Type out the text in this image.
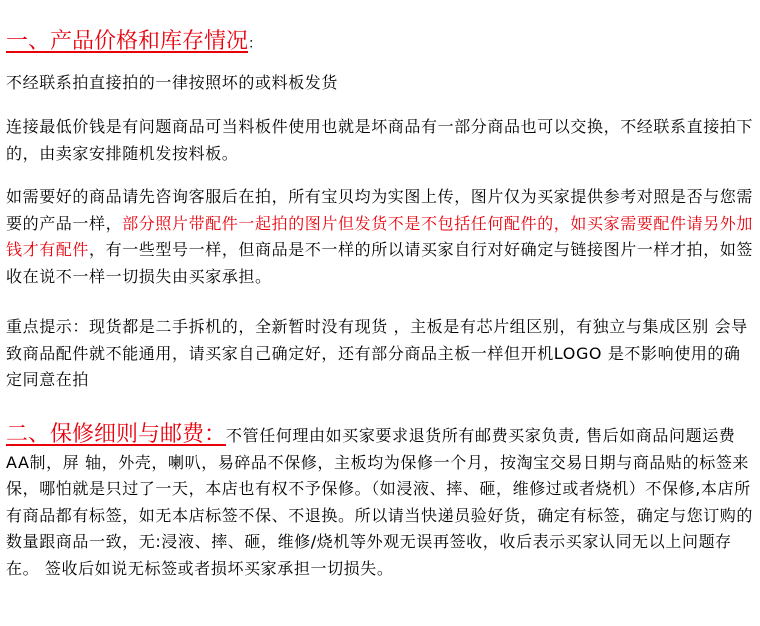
一、产品价格和库存情况：
不经联系拍直接拍的一律按照坏的或料板发货
连接最低价钱是有问题商品可当料板件使用也就是坏商品有一部分商品也可以交换，不经联系直接拍下的，由卖家安排随机发按料板。
如需要好的商品请先咨询客服后在拍，所有宝贝均为实图上传，图片仅为买家提供参考对照是否与您需要的产品一样，部分照片带配件一起拍的图片但发货不是不包括任何配件的，如买家需要配件请另外加钱才有配件，有一些型号一样，但商品是不一样的所以请买家自行对好确定与链接图片一样才拍，如签收在说不一样一切损失由买家承担。
重点提示：现货都是二手拆机的，全新暂时没有现货 ，主板是有芯片组区别，有独立与集成区别 会导致商品配件就不能通用，请买家自己确定好，还有部分商品主板一样但开机LOGO 是不影响使用的确定同意在拍
二、保修细则与邮费：不管任何理由如买家要求退货所有邮费买家负责, 售后如商品问题运费AA制，屏 轴，外壳，喇叭，易碎品不保修，主板均为保修一个月，按淘宝交易日期与商品贴的标签来保，哪怕就是只过了一天，本店也有权不予保修。（如浸液、摔、砸，维修过或者烧机）不保修,本店所有商品都有标签，如无本店标签不保、不退换。所以请当快递员验好货，确定有标签，确定与您订购的数量跟商品一致，无:浸液、摔、砸，维修/烧机等外观无误再签收，收后表示买家认同无以上问题存在。 签收后如说无标签或者损坏买家承担一切损失。
